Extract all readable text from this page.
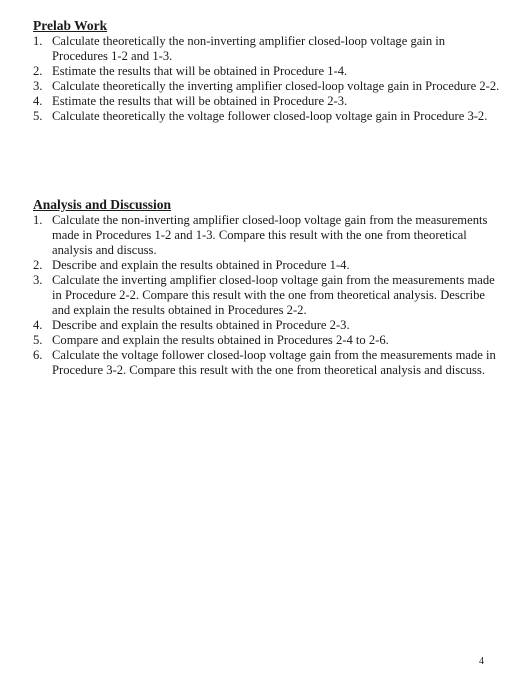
Prelab Work
1. Calculate theoretically the non-inverting amplifier closed-loop voltage gain in Procedures 1-2 and 1-3.
2. Estimate the results that will be obtained in Procedure 1-4.
3. Calculate theoretically the inverting amplifier closed-loop voltage gain in Procedure 2-2.
4. Estimate the results that will be obtained in Procedure 2-3.
5. Calculate theoretically the voltage follower closed-loop voltage gain in Procedure 3-2.
Analysis and Discussion
1. Calculate the non-inverting amplifier closed-loop voltage gain from the measurements made in Procedures 1-2 and 1-3. Compare this result with the one from theoretical analysis and discuss.
2. Describe and explain the results obtained in Procedure 1-4.
3. Calculate the inverting amplifier closed-loop voltage gain from the measurements made in Procedure 2-2. Compare this result with the one from theoretical analysis. Describe and explain the results obtained in Procedures 2-2.
4. Describe and explain the results obtained in Procedure 2-3.
5. Compare and explain the results obtained in Procedures 2-4 to 2-6.
6. Calculate the voltage follower closed-loop voltage gain from the measurements made in Procedure 3-2. Compare this result with the one from theoretical analysis and discuss.
4
